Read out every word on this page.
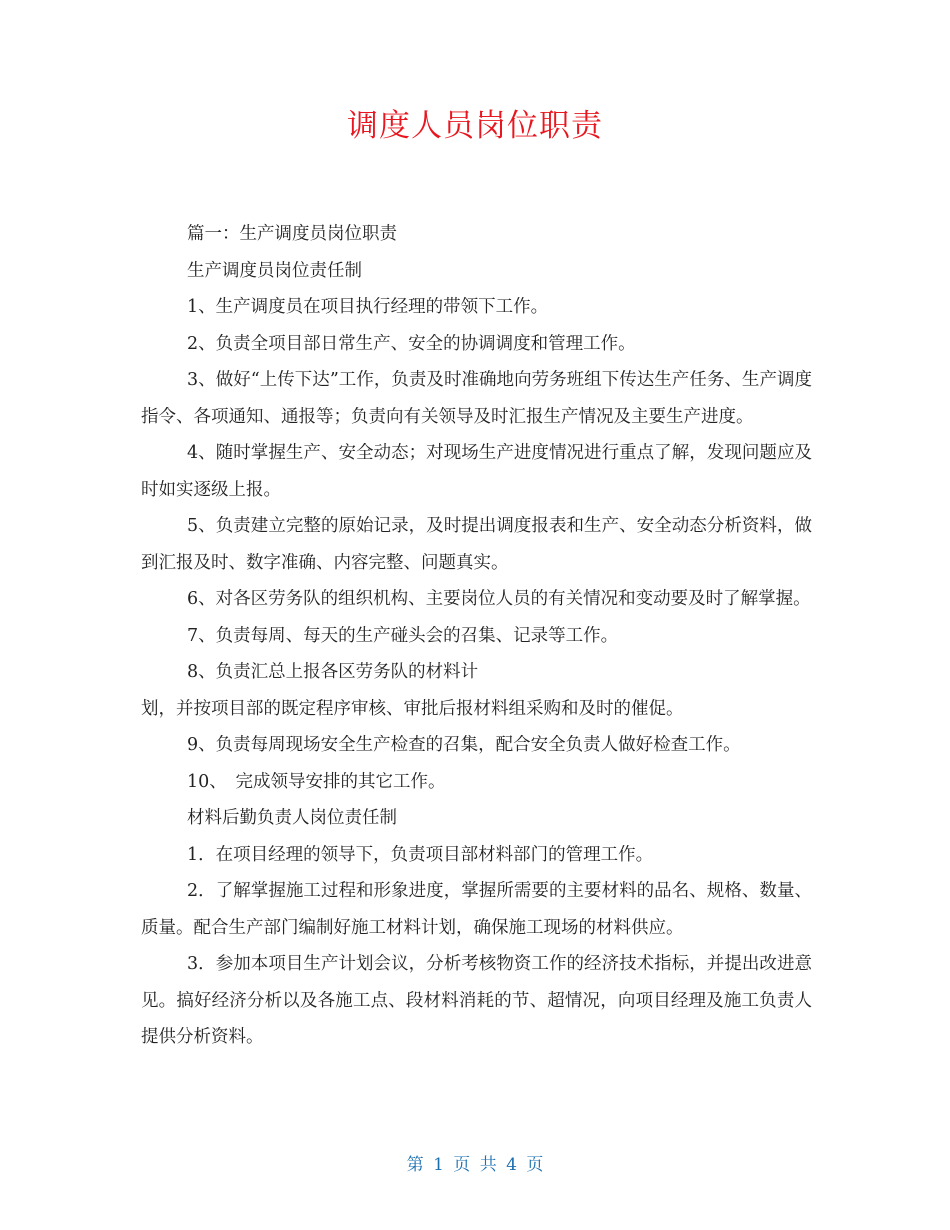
调度人员岗位职责

篇一：生产调度员岗位职责

生产调度员岗位责任制

1、生产调度员在项目执行经理的带领下工作。

2、负责全项目部日常生产、安全的协调调度和管理工作。

3、做好“上传下达”工作，负责及时准确地向劳务班组下传达生产任务、生产调度指令、各项通知、通报等；负责向有关领导及时汇报生产情况及主要生产进度。

4、随时掌握生产、安全动态；对现场生产进度情况进行重点了解，发现问题应及时如实逐级上报。

5、负责建立完整的原始记录，及时提出调度报表和生产、安全动态分析资料，做到汇报及时、数字准确、内容完整、问题真实。

6、对各区劳务队的组织机构、主要岗位人员的有关情况和变动要及时了解掌握。

7、负责每周、每天的生产碰头会的召集、记录等工作。

8、负责汇总上报各区劳务队的材料计

划，并按项目部的既定程序审核、审批后报材料组采购和及时的催促。

9、负责每周现场安全生产检查的召集，配合安全负责人做好检查工作。

10、　完成领导安排的其它工作。

材料后勤负责人岗位责任制

1．在项目经理的领导下，负责项目部材料部门的管理工作。

2．了解掌握施工过程和形象进度，掌握所需要的主要材料的品名、规格、数量、质量。配合生产部门编制好施工材料计划，确保施工现场的材料供应。

3．参加本项目生产计划会议，分析考核物资工作的经济技术指标，并提出改进意见。搞好经济分析以及各施工点、段材料消耗的节、超情况，向项目经理及施工负责人提供分析资料。

第 1 页 共 4 页
